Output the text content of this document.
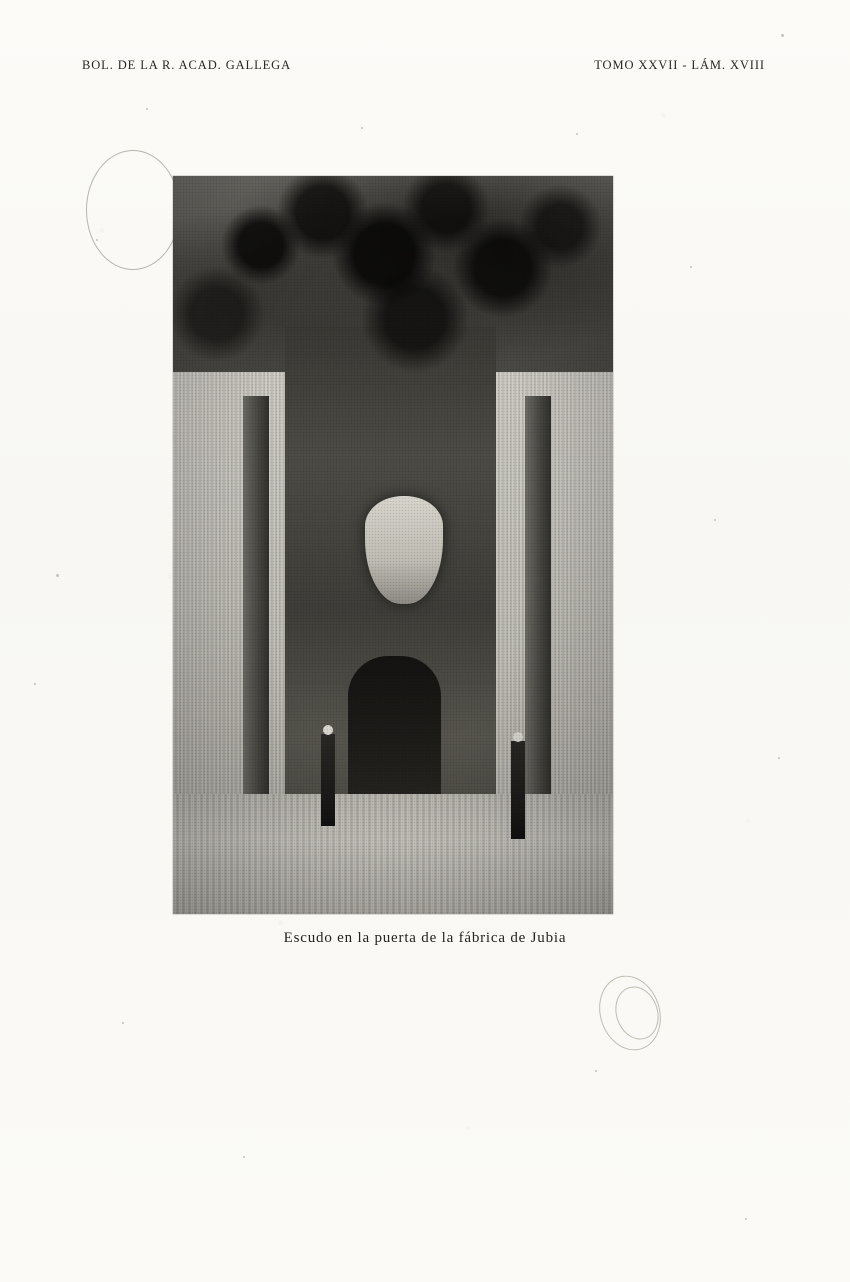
BOL. DE LA R. ACAD. GALLEGA	TOMO XXVII - LÁM. XVIII
Escudo en la puerta de la fábrica de Jubia
